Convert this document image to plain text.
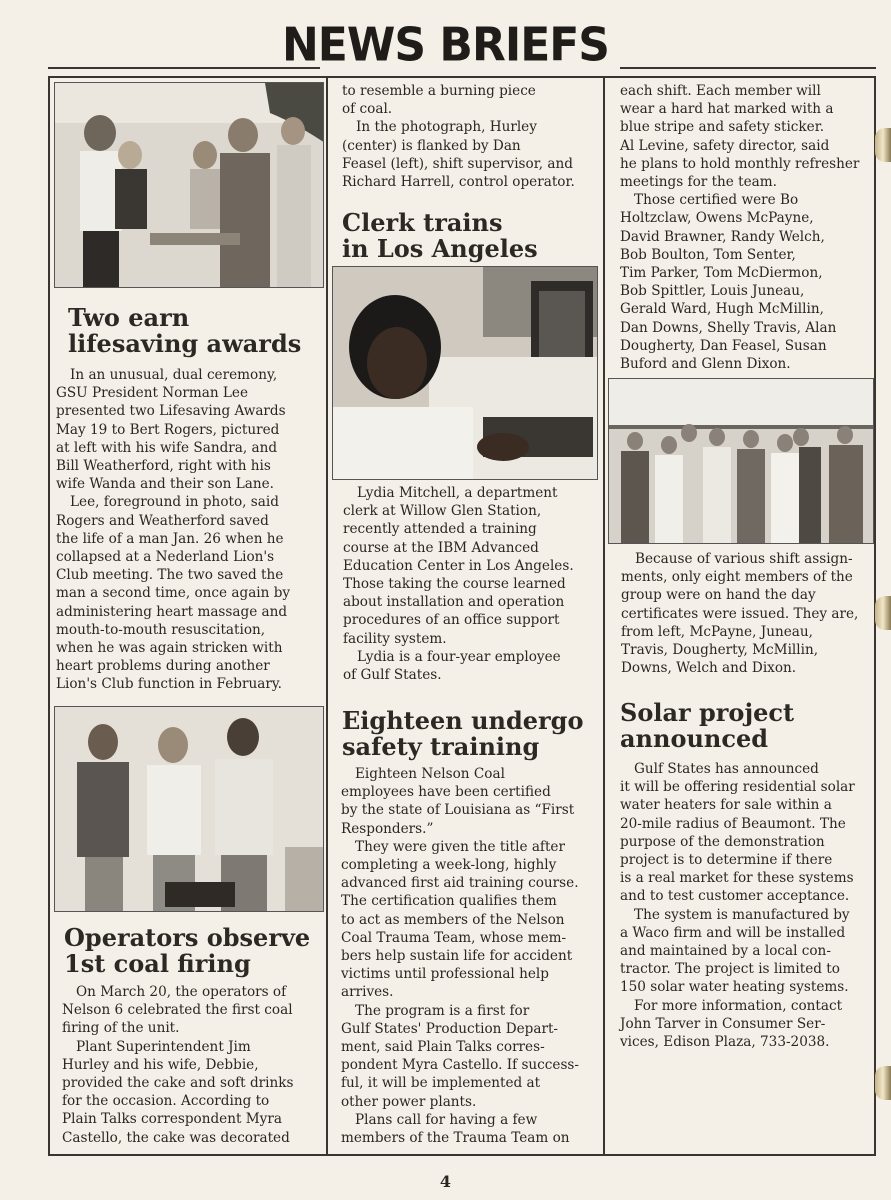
NEWS BRIEFS

Two earn
lifesaving awards

In an unusual, dual ceremony,
GSU President Norman Lee
presented two Lifesaving Awards
May 19 to Bert Rogers, pictured
at left with his wife Sandra, and
Bill Weatherford, right with his
wife Wanda and their son Lane.
Lee, foreground in photo, said
Rogers and Weatherford saved
the life of a man Jan. 26 when he
collapsed at a Nederland Lion's
Club meeting. The two saved the
man a second time, once again by
administering heart massage and
mouth-to-mouth resuscitation,
when he was again stricken with
heart problems during another
Lion's Club function in February.

Operators observe
1st coal firing

On March 20, the operators of
Nelson 6 celebrated the first coal
firing of the unit.
Plant Superintendent Jim
Hurley and his wife, Debbie,
provided the cake and soft drinks
for the occasion. According to
Plain Talks correspondent Myra
Castello, the cake was decorated
to resemble a burning piece
of coal.
In the photograph, Hurley
(center) is flanked by Dan
Feasel (left), shift supervisor, and
Richard Harrell, control operator.

Clerk trains
in Los Angeles

Lydia Mitchell, a department
clerk at Willow Glen Station,
recently attended a training
course at the IBM Advanced
Education Center in Los Angeles.
Those taking the course learned
about installation and operation
procedures of an office support
facility system.
Lydia is a four-year employee
of Gulf States.

Eighteen undergo
safety training

Eighteen Nelson Coal
employees have been certified
by the state of Louisiana as “First
Responders.”
They were given the title after
completing a week-long, highly
advanced first aid training course.
The certification qualifies them
to act as members of the Nelson
Coal Trauma Team, whose mem-
bers help sustain life for accident
victims until professional help
arrives.
The program is a first for
Gulf States' Production Depart-
ment, said Plain Talks corres-
pondent Myra Castello. If success-
ful, it will be implemented at
other power plants.
Plans call for having a few
members of the Trauma Team on
each shift. Each member will
wear a hard hat marked with a
blue stripe and safety sticker.
Al Levine, safety director, said
he plans to hold monthly refresher
meetings for the team.
Those certified were Bo
Holtzclaw, Owens McPayne,
David Brawner, Randy Welch,
Bob Boulton, Tom Senter,
Tim Parker, Tom McDiermon,
Bob Spittler, Louis Juneau,
Gerald Ward, Hugh McMillin,
Dan Downs, Shelly Travis, Alan
Dougherty, Dan Feasel, Susan
Buford and Glenn Dixon.
Because of various shift assign-
ments, only eight members of the
group were on hand the day
certificates were issued. They are,
from left, McPayne, Juneau,
Travis, Dougherty, McMillin,
Downs, Welch and Dixon.

Solar project
announced

Gulf States has announced
it will be offering residential solar
water heaters for sale within a
20-mile radius of Beaumont. The
purpose of the demonstration
project is to determine if there
is a real market for these systems
and to test customer acceptance.
The system is manufactured by
a Waco firm and will be installed
and maintained by a local con-
tractor. The project is limited to
150 solar water heating systems.
For more information, contact
John Tarver in Consumer Ser-
vices, Edison Plaza, 733-2038.
4
